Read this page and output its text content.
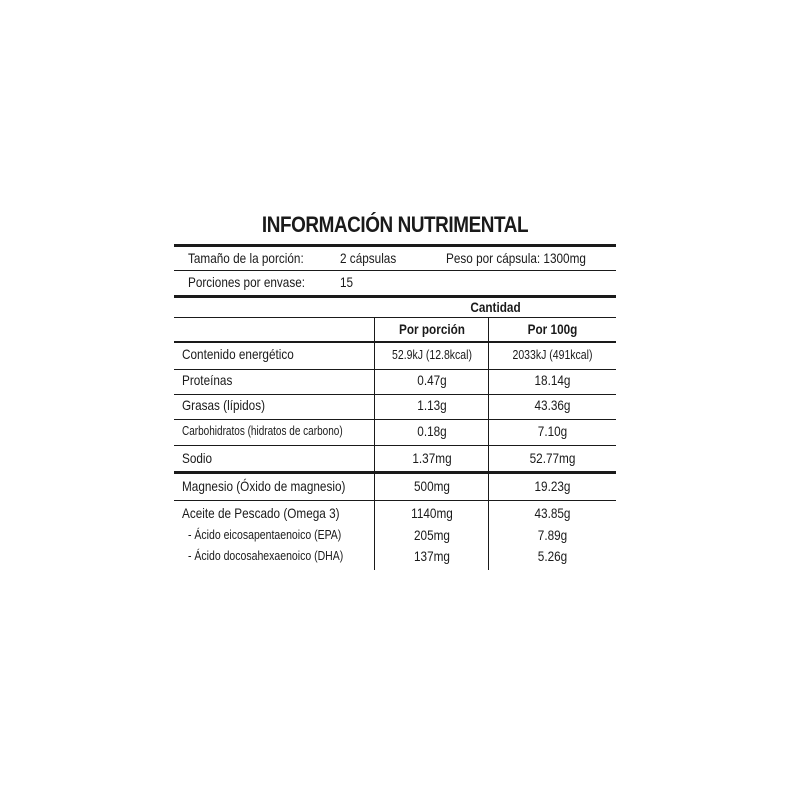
INFORMACIÓN NUTRIMENTAL
Tamaño de la porción:	2 cápsulas	Peso por cápsula: 1300mg
Porciones por envase: 15
Cantidad
Por porción	Por 100g
Contenido energético	52.9kJ (12.8kcal)	2033kJ (491kcal)
Proteínas	0.47g	18.14g
Grasas (lípidos)	1.13g	43.36g
Carbohidratos (hidratos de carbono)	0.18g	7.10g
Sodio	1.37mg	52.77mg
Magnesio (Óxido de magnesio)	500mg	19.23g
Aceite de Pescado (Omega 3)	1140mg	43.85g
- Ácido eicosapentaenoico (EPA)	205mg	7.89g
- Ácido docosahexaenoico (DHA)	137mg	5.26g
